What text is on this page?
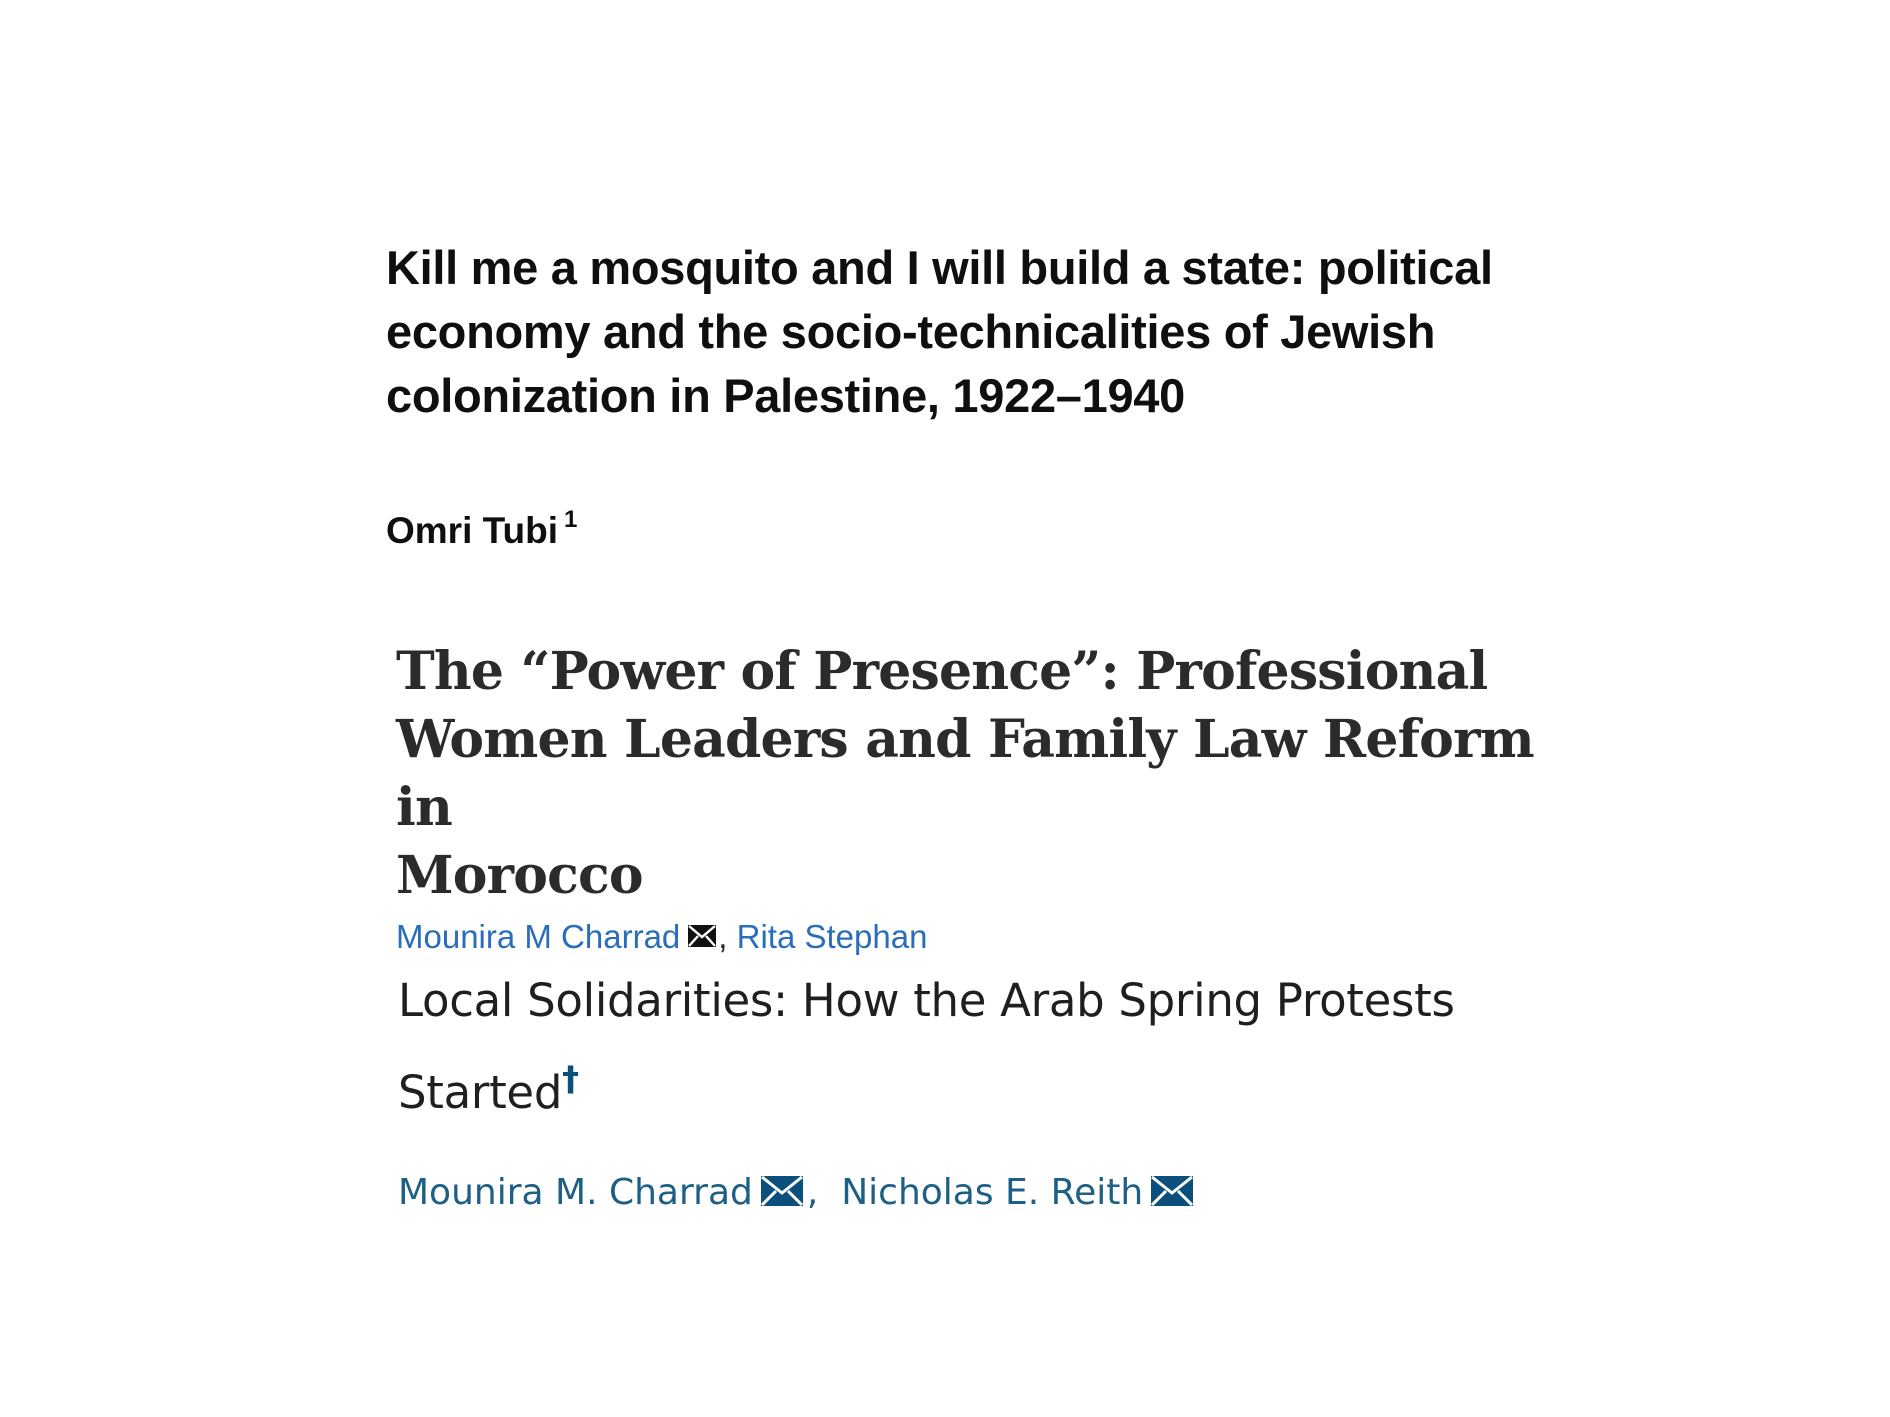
Kill me a mosquito and I will build a state: political
economy and the socio-technicalities of Jewish
colonization in Palestine, 1922–1940
Omri Tubi $^1$
The “Power of Presence”: Professional
Women Leaders and Family Law Reform in
Morocco
Mounira M Charrad , Rita Stephan
Local Solidarities: How the Arab Spring Protests
Started†
Mounira M. Charrad , Nicholas E. Reith
